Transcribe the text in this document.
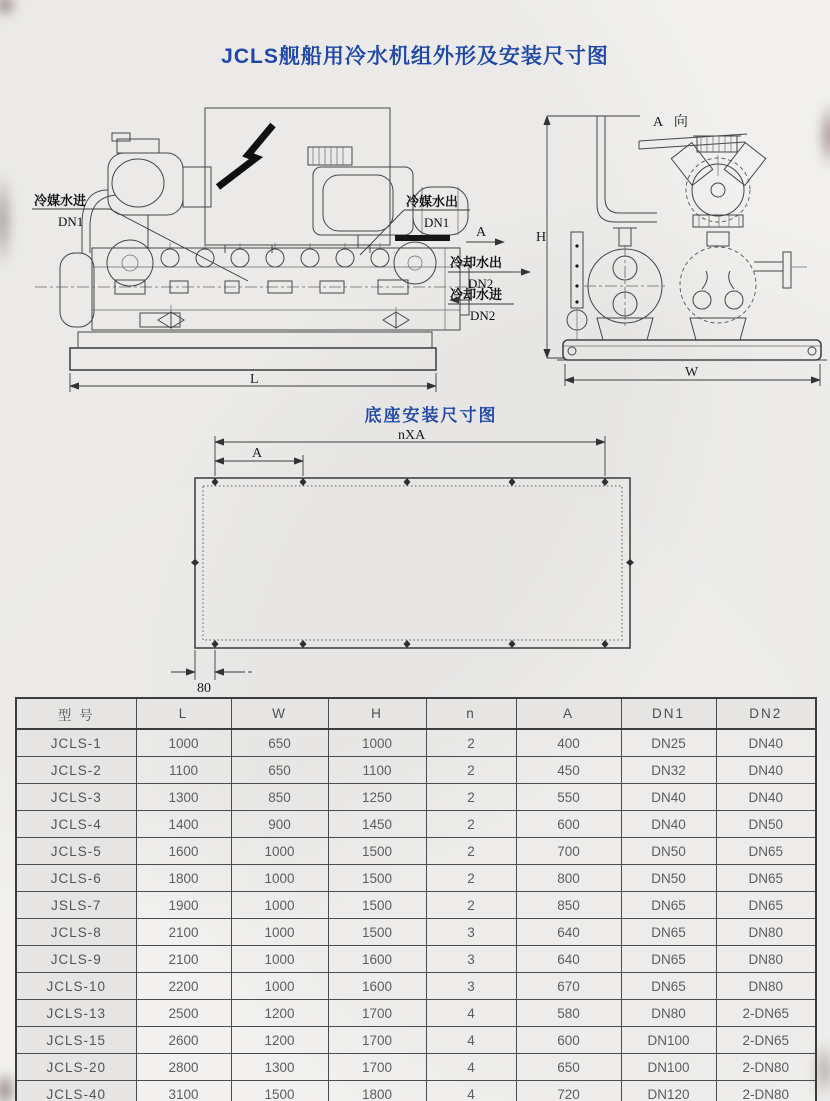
JCLS舰船用冷水机组外形及安装尺寸图
L
冷媒水进
DN1
冷媒水出
DN1
A
冷却水出
DN2
冷却水进
DN2
A 向
H
W
底座安装尺寸图
nXA
A
80
型 号	L	W	H	n	A	DN1	DN2
JCLS-1	1000	650	1000	2	400	DN25	DN40
JCLS-2	1100	650	1100	2	450	DN32	DN40
JCLS-3	1300	850	1250	2	550	DN40	DN40
JCLS-4	1400	900	1450	2	600	DN40	DN50
JCLS-5	1600	1000	1500	2	700	DN50	DN65
JCLS-6	1800	1000	1500	2	800	DN50	DN65
JSLS-7	1900	1000	1500	2	850	DN65	DN65
JCLS-8	2100	1000	1500	3	640	DN65	DN80
JCLS-9	2100	1000	1600	3	640	DN65	DN80
JCLS-10	2200	1000	1600	3	670	DN65	DN80
JCLS-13	2500	1200	1700	4	580	DN80	2-DN65
JCLS-15	2600	1200	1700	4	600	DN100	2-DN65
JCLS-20	2800	1300	1700	4	650	DN100	2-DN80
JCLS-40	3100	1500	1800	4	720	DN120	2-DN80
